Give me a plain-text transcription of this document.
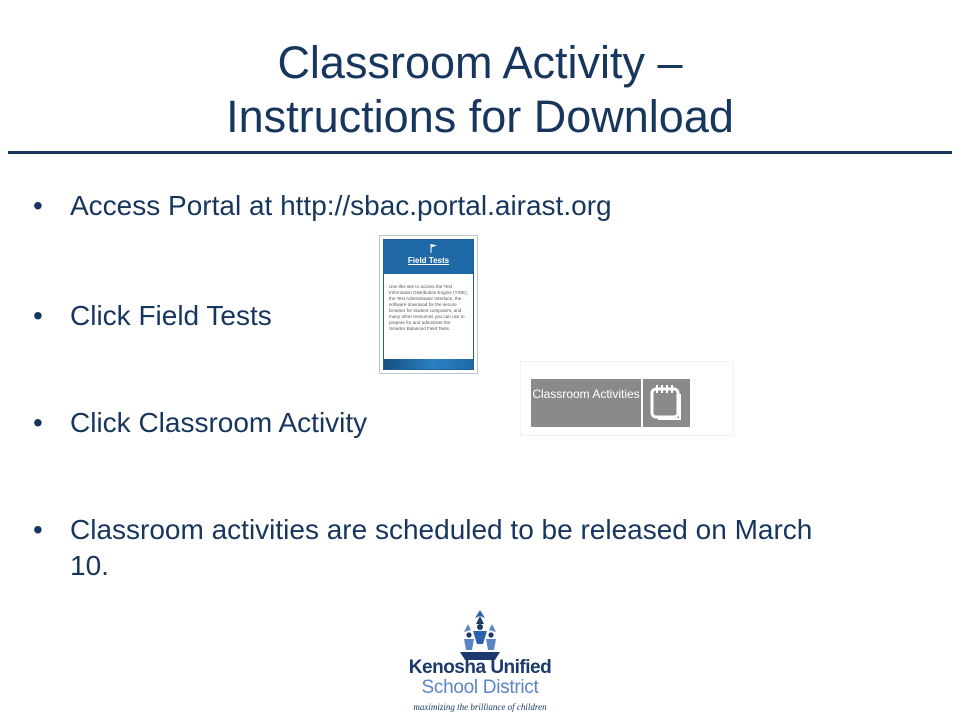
Classroom Activity –
Instructions for Download
• Access Portal at http://sbac.portal.airast.org
• Click Field Tests
• Click Classroom Activity
• Classroom activities are scheduled to be released on March 10.
Field Tests
Use this site to access the Test Information Distribution Engine (TIDE), the Test Administrator Interface, the software download for the secure browser for student computers, and many other resources you can use to prepare for and administer the Smarter Balanced Field Tests.
Classroom Activities
Kenosha Unified
School District
maximizing the brilliance of children
